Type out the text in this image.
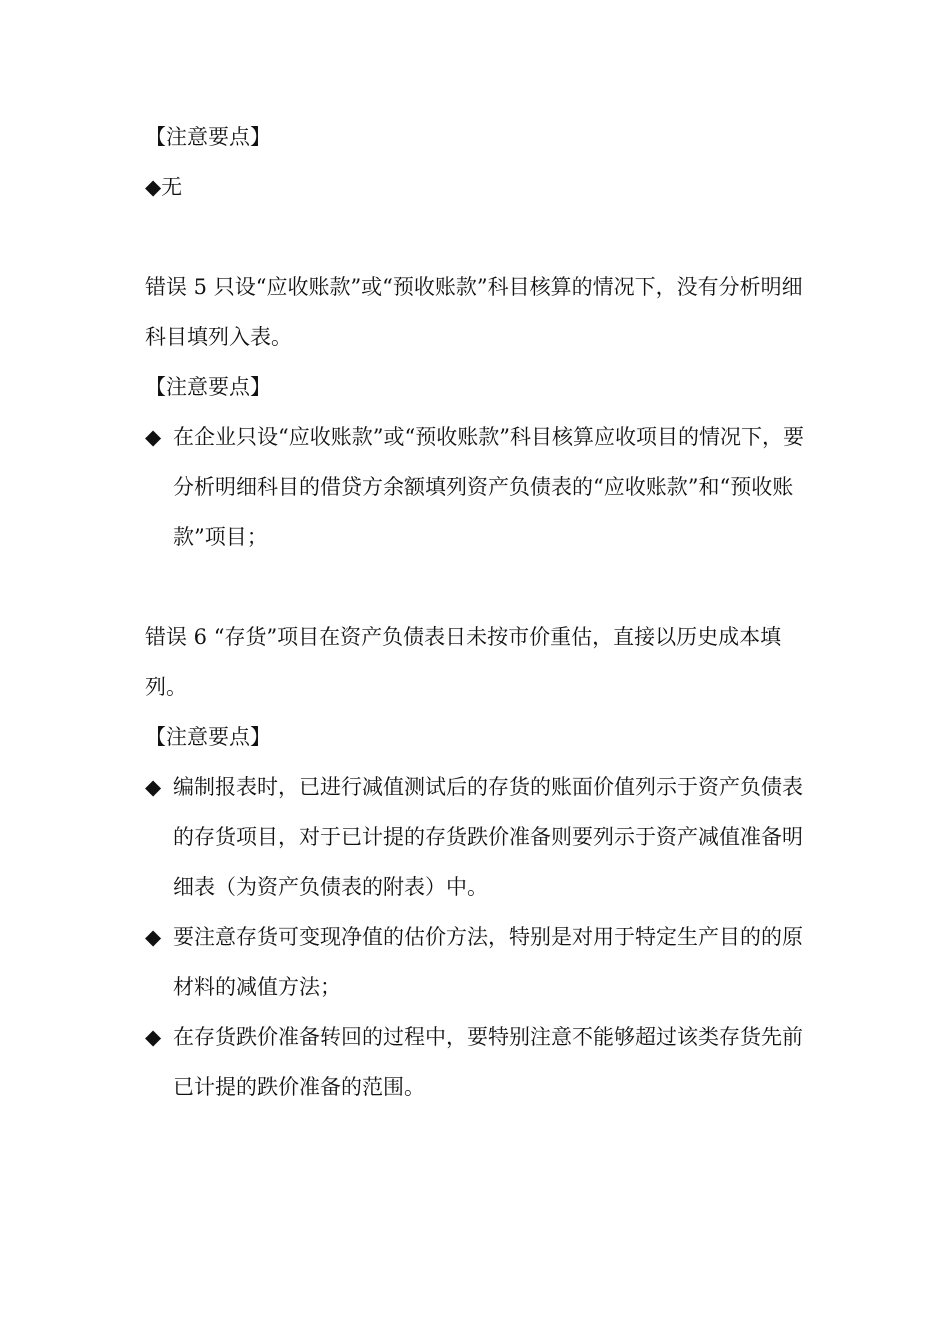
【注意要点】

◆无

错误 5 只设“应收账款”或“预收账款”科目核算的情况下，没有分析明细科目填列入表。

【注意要点】

◆ 在企业只设“应收账款”或“预收账款”科目核算应收项目的情况下，要分析明细科目的借贷方余额填列资产负债表的“应收账款”和“预收账款”项目；

错误 6 “存货”项目在资产负债表日未按市价重估，直接以历史成本填列。

【注意要点】

◆ 编制报表时，已进行减值测试后的存货的账面价值列示于资产负债表的存货项目，对于已计提的存货跌价准备则要列示于资产减值准备明细表（为资产负债表的附表）中。
◆ 要注意存货可变现净值的估价方法，特别是对用于特定生产目的的原材料的减值方法；
◆ 在存货跌价准备转回的过程中，要特别注意不能够超过该类存货先前已计提的跌价准备的范围。
